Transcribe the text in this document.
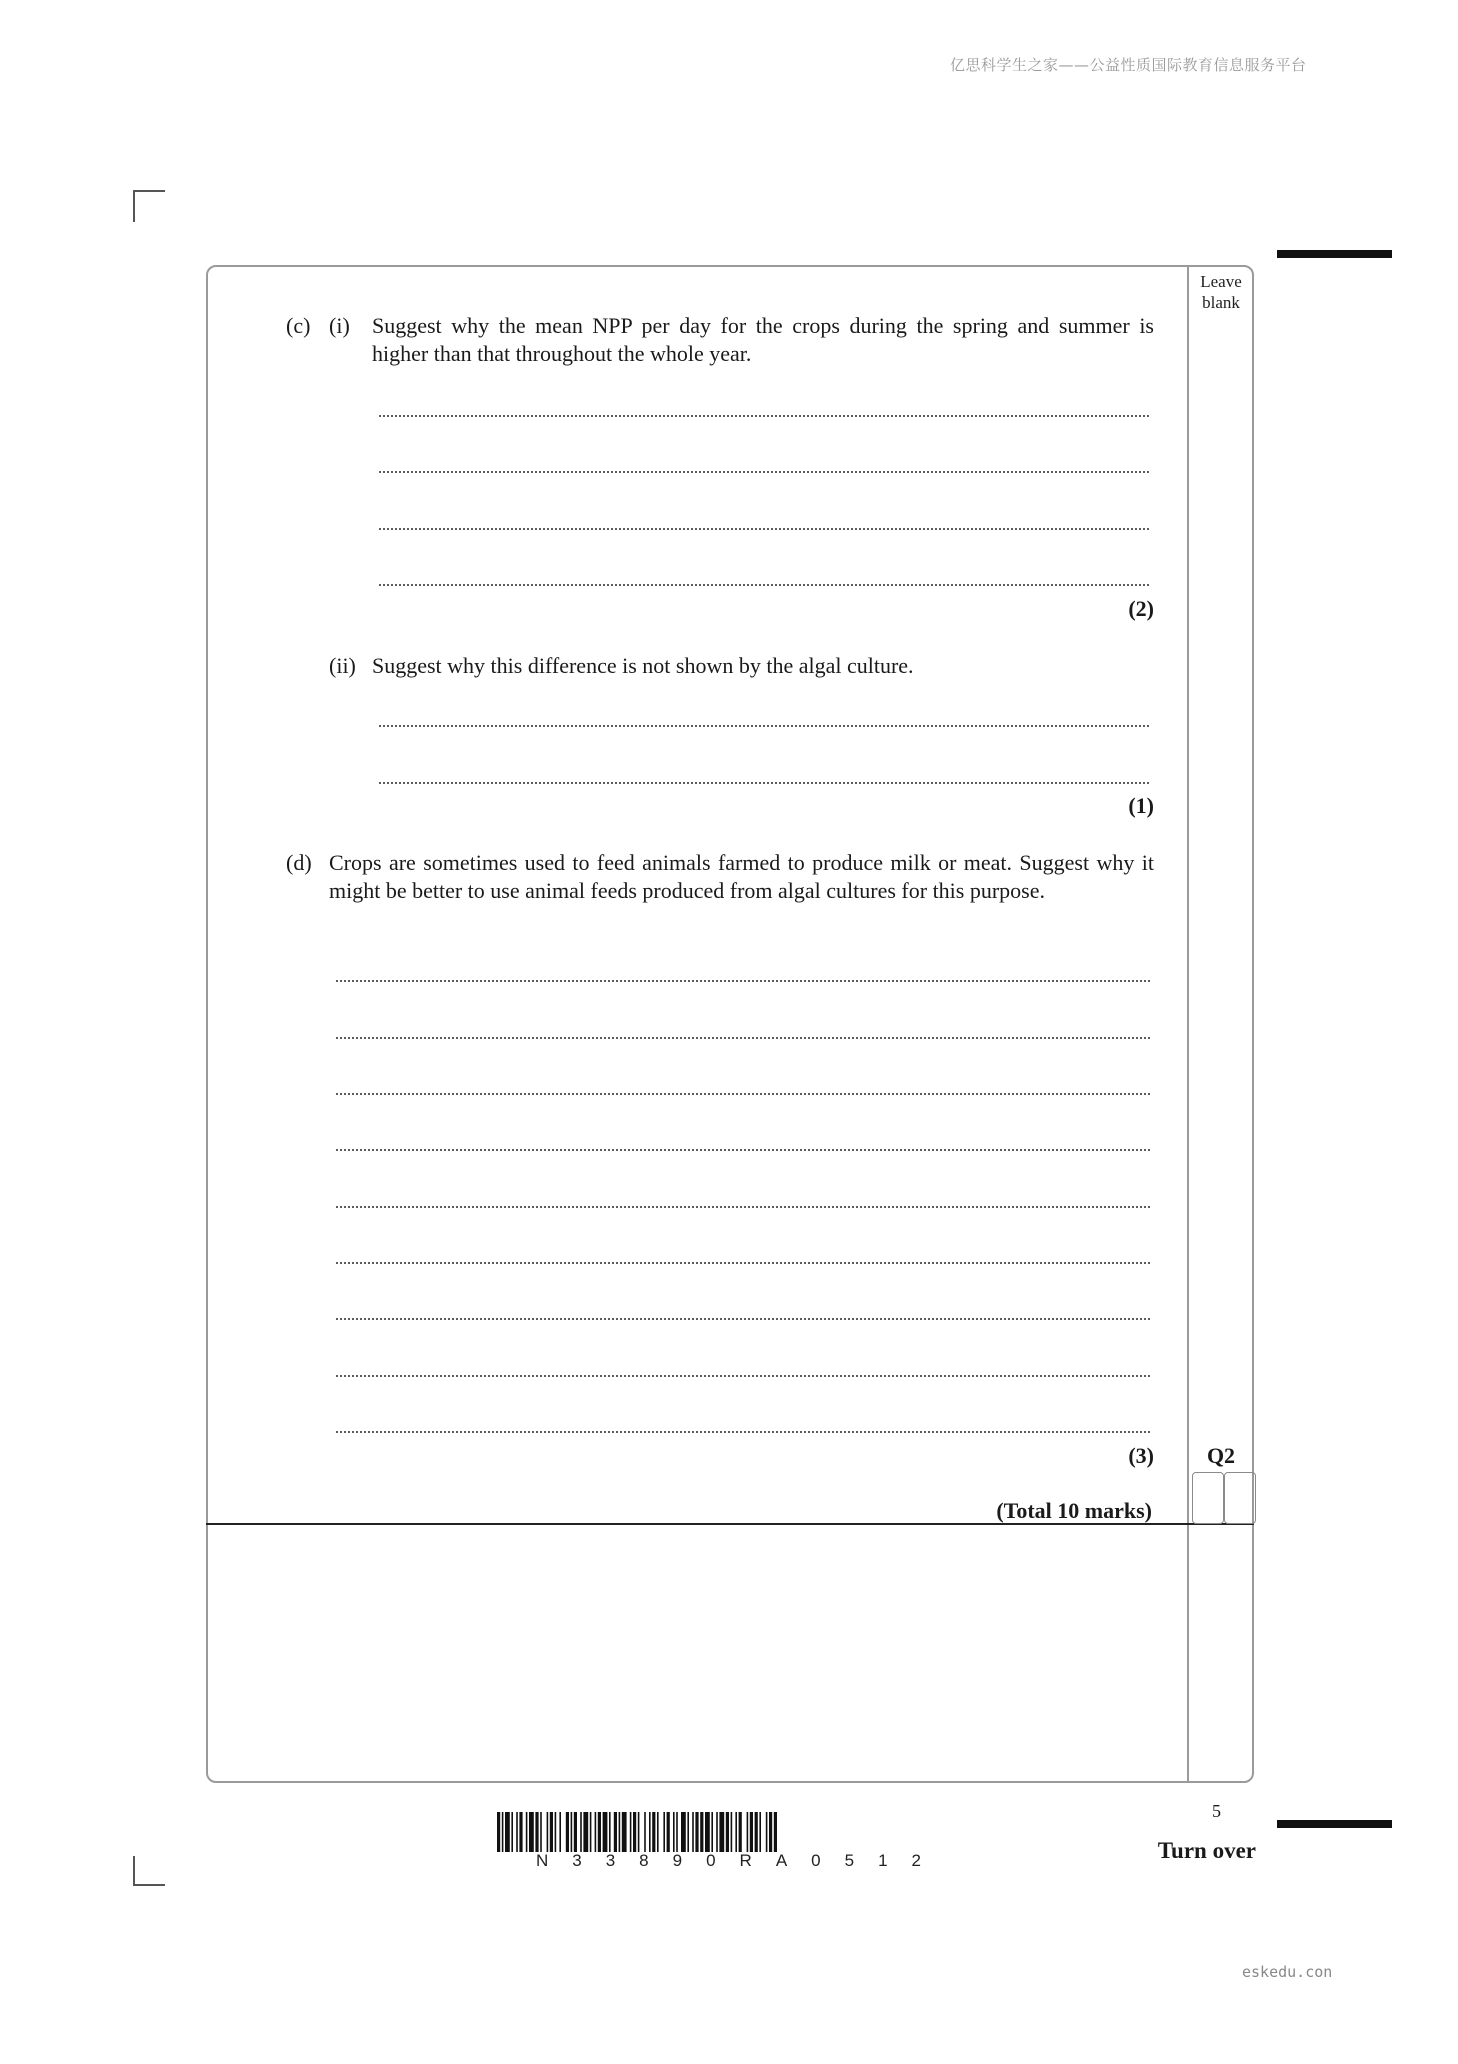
亿思科学生之家——公益性质国际教育信息服务平台
eskedu.con
Leave
blank
(c) (i) Suggest why the mean NPP per day for the crops during the spring and summer is higher than that throughout the whole year.
(2)
(ii) Suggest why this difference is not shown by the algal culture.
(1)
(d) Crops are sometimes used to feed animals farmed to produce milk or meat. Suggest why it might be better to use animal feeds produced from algal cultures for this purpose.
(3)	Q2
(Total 10 marks)
N33890RA0512
5
Turn over
